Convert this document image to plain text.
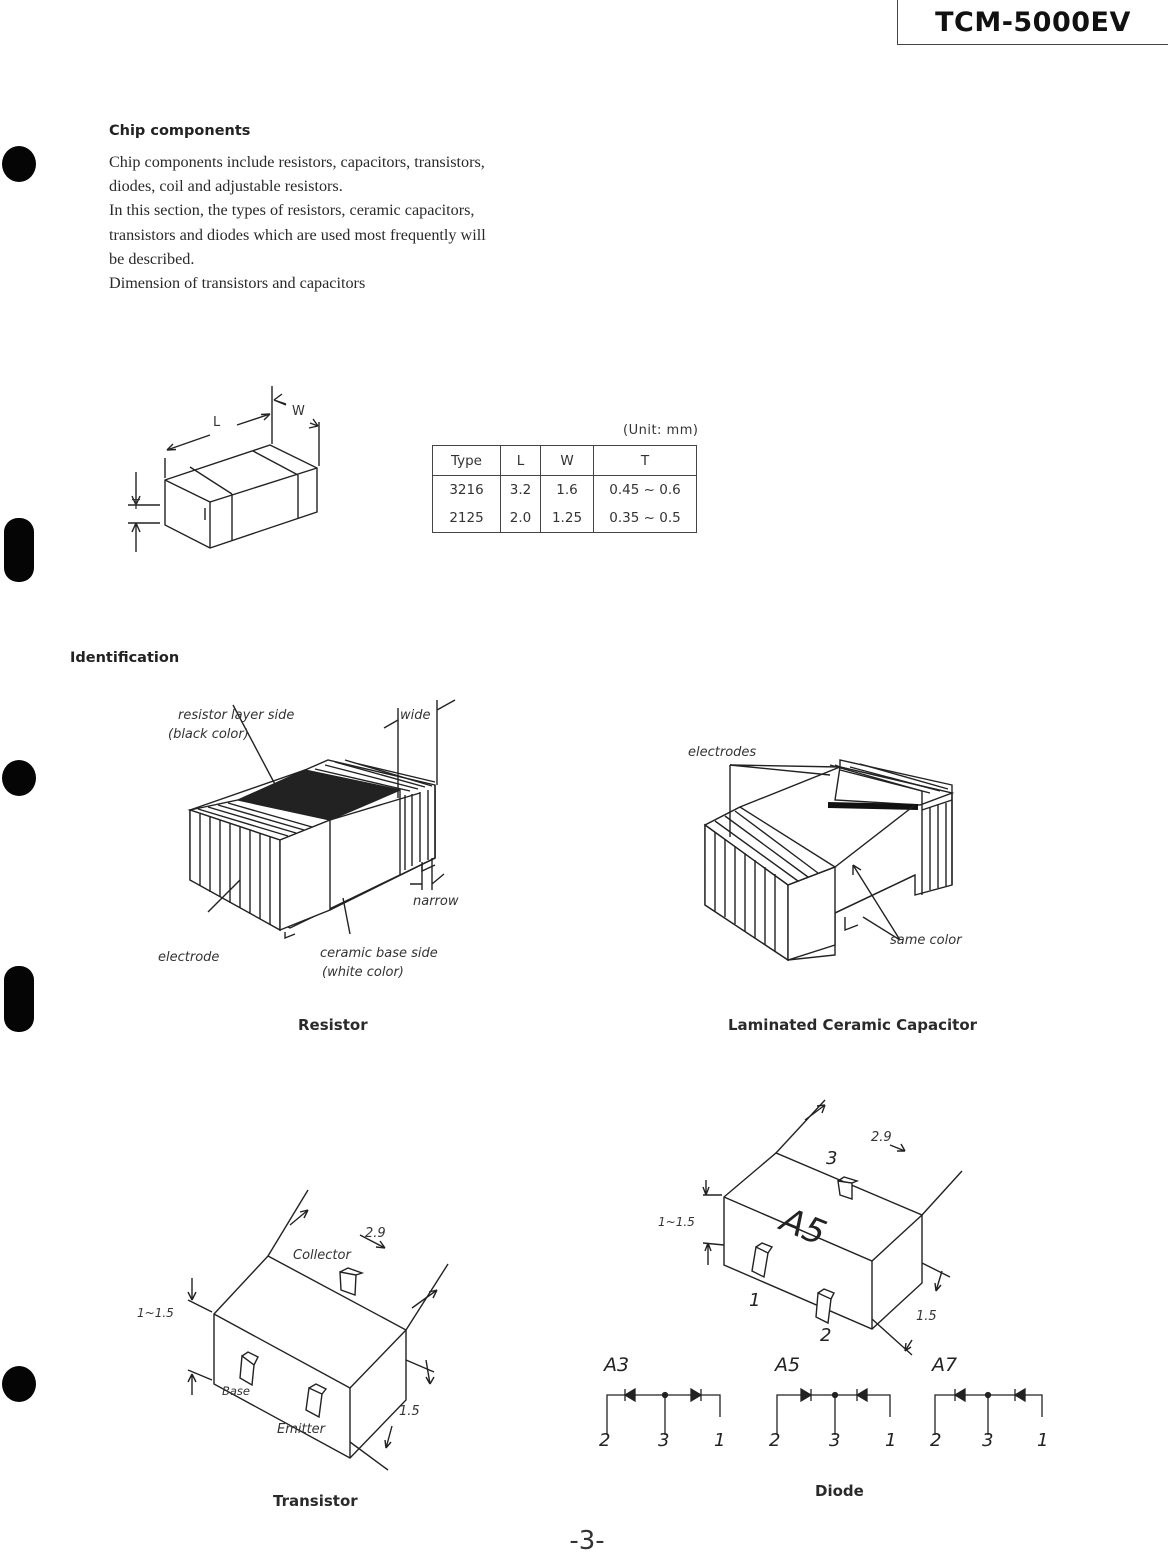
TCM-5000EV
Chip components
Chip components include resistors, capacitors, transistors,
diodes, coil and adjustable resistors.
In this section, the types of resistors, ceramic capacitors,
transistors and diodes which are used most frequently will
be described.
Dimension of transistors and capacitors
L
W
T
(Unit: mm)
Type	L	W	T
3216	3.2	1.6	0.45 ~ 0.6
2125	2.0	1.25	0.35 ~ 0.5
Identification
resistor layer side
(black color)
wide
narrow
electrode	ceramic base side
(white color)
Resistor
electrodes
same color
Laminated Ceramic Capacitor
Collector
Base
Emitter
2.9
1~1.5
1.5
Transistor
A5
3
1
2
2.9
1~1.5
1.5
A3	A5	A7
2	3 1 2	3 1 2 3 1
Diode
-3-
